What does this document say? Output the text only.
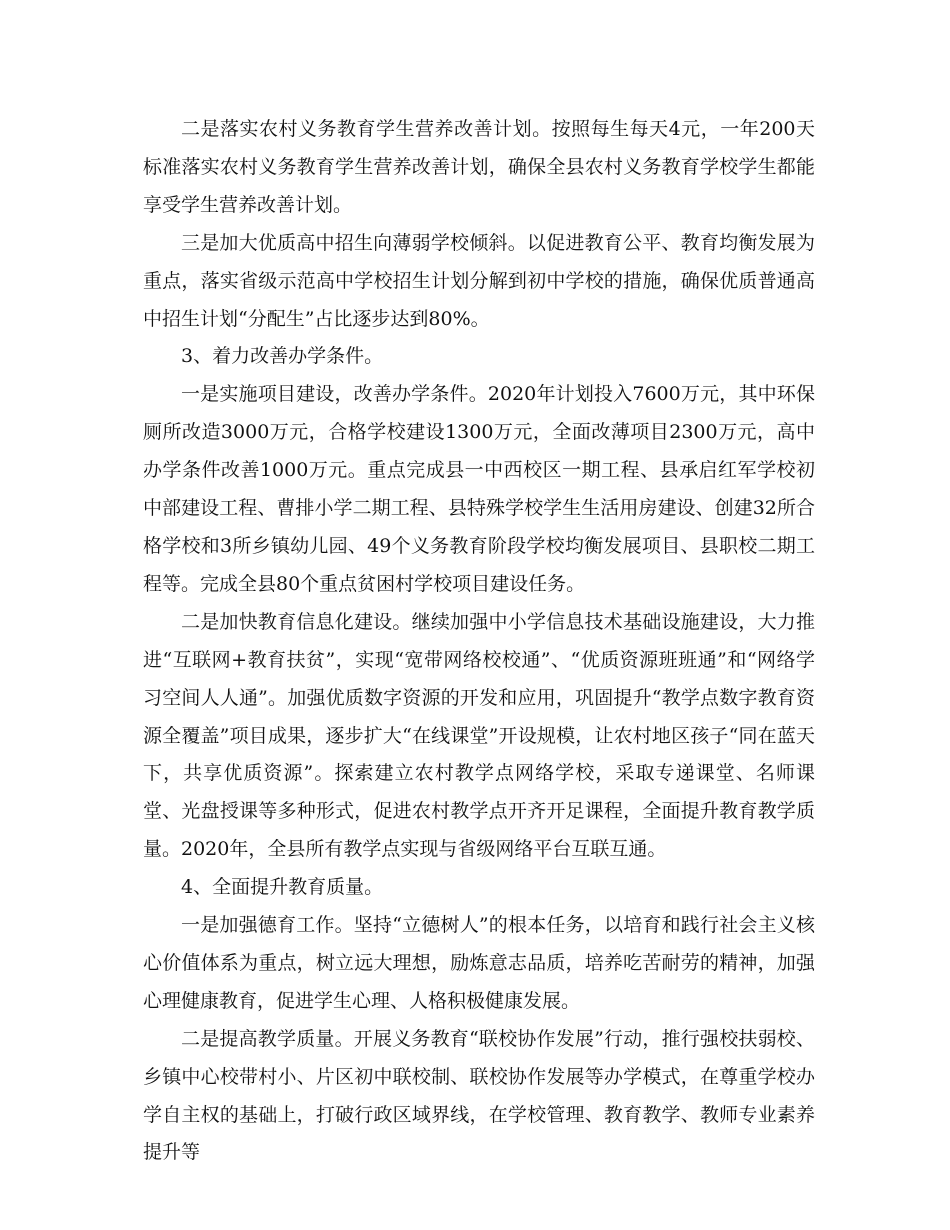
二是落实农村义务教育学生营养改善计划。按照每生每天4元，一年200天标准落实农村义务教育学生营养改善计划，确保全县农村义务教育学校学生都能享受学生营养改善计划。

三是加大优质高中招生向薄弱学校倾斜。以促进教育公平、教育均衡发展为重点，落实省级示范高中学校招生计划分解到初中学校的措施，确保优质普通高中招生计划“分配生”占比逐步达到80%。

3、着力改善办学条件。

一是实施项目建设，改善办学条件。2020年计划投入7600万元，其中环保厕所改造3000万元，合格学校建设1300万元，全面改薄项目2300万元，高中办学条件改善1000万元。重点完成县一中西校区一期工程、县承启红军学校初中部建设工程、曹排小学二期工程、县特殊学校学生生活用房建设、创建32所合格学校和3所乡镇幼儿园、49个义务教育阶段学校均衡发展项目、县职校二期工程等。完成全县80个重点贫困村学校项目建设任务。

二是加快教育信息化建设。继续加强中小学信息技术基础设施建设，大力推进“互联网+教育扶贫”，实现“宽带网络校校通”、“优质资源班班通”和“网络学习空间人人通”。加强优质数字资源的开发和应用，巩固提升“教学点数字教育资源全覆盖”项目成果，逐步扩大“在线课堂”开设规模，让农村地区孩子“同在蓝天下，共享优质资源”。探索建立农村教学点网络学校，采取专递课堂、名师课堂、光盘授课等多种形式，促进农村教学点开齐开足课程，全面提升教育教学质量。2020年，全县所有教学点实现与省级网络平台互联互通。

4、全面提升教育质量。

一是加强德育工作。坚持“立德树人”的根本任务，以培育和践行社会主义核心价值体系为重点，树立远大理想，励炼意志品质，培养吃苦耐劳的精神，加强心理健康教育，促进学生心理、人格积极健康发展。

二是提高教学质量。开展义务教育“联校协作发展”行动，推行强校扶弱校、乡镇中心校带村小、片区初中联校制、联校协作发展等办学模式，在尊重学校办学自主权的基础上，打破行政区域界线，在学校管理、教育教学、教师专业素养提升等
